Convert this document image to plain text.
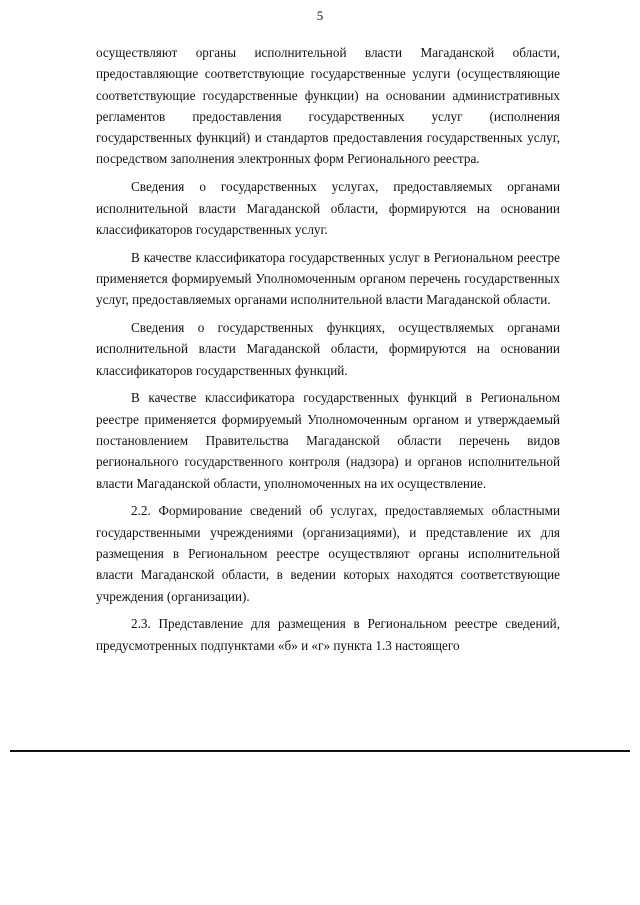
5

осуществляют органы исполнительной власти Магаданской области, предоставляющие соответствующие государственные услуги (осуществляющие соответствующие государственные функции) на основании административных регламентов предоставления государственных услуг (исполнения государственных функций) и стандартов предоставления государственных услуг, посредством заполнения электронных форм Регионального реестра.

Сведения о государственных услугах, предоставляемых органами исполнительной власти Магаданской области, формируются на основании классификаторов государственных услуг.

В качестве классификатора государственных услуг в Региональном реестре применяется формируемый Уполномоченным органом перечень государственных услуг, предоставляемых органами исполнительной власти Магаданской области.

Сведения о государственных функциях, осуществляемых органами исполнительной власти Магаданской области, формируются на основании классификаторов государственных функций.

В качестве классификатора государственных функций в Региональном реестре применяется формируемый Уполномоченным органом и утверждаемый постановлением Правительства Магаданской области перечень видов регионального государственного контроля (надзора) и органов исполнительной власти Магаданской области, уполномоченных на их осуществление.

2.2. Формирование сведений об услугах, предоставляемых областными государственными учреждениями (организациями), и представление их для размещения в Региональном реестре осуществляют органы исполнительной власти Магаданской области, в ведении которых находятся соответствующие учреждения (организации).

2.3. Представление для размещения в Региональном реестре сведений, предусмотренных подпунктами «б» и «г» пункта 1.3 настоящего
